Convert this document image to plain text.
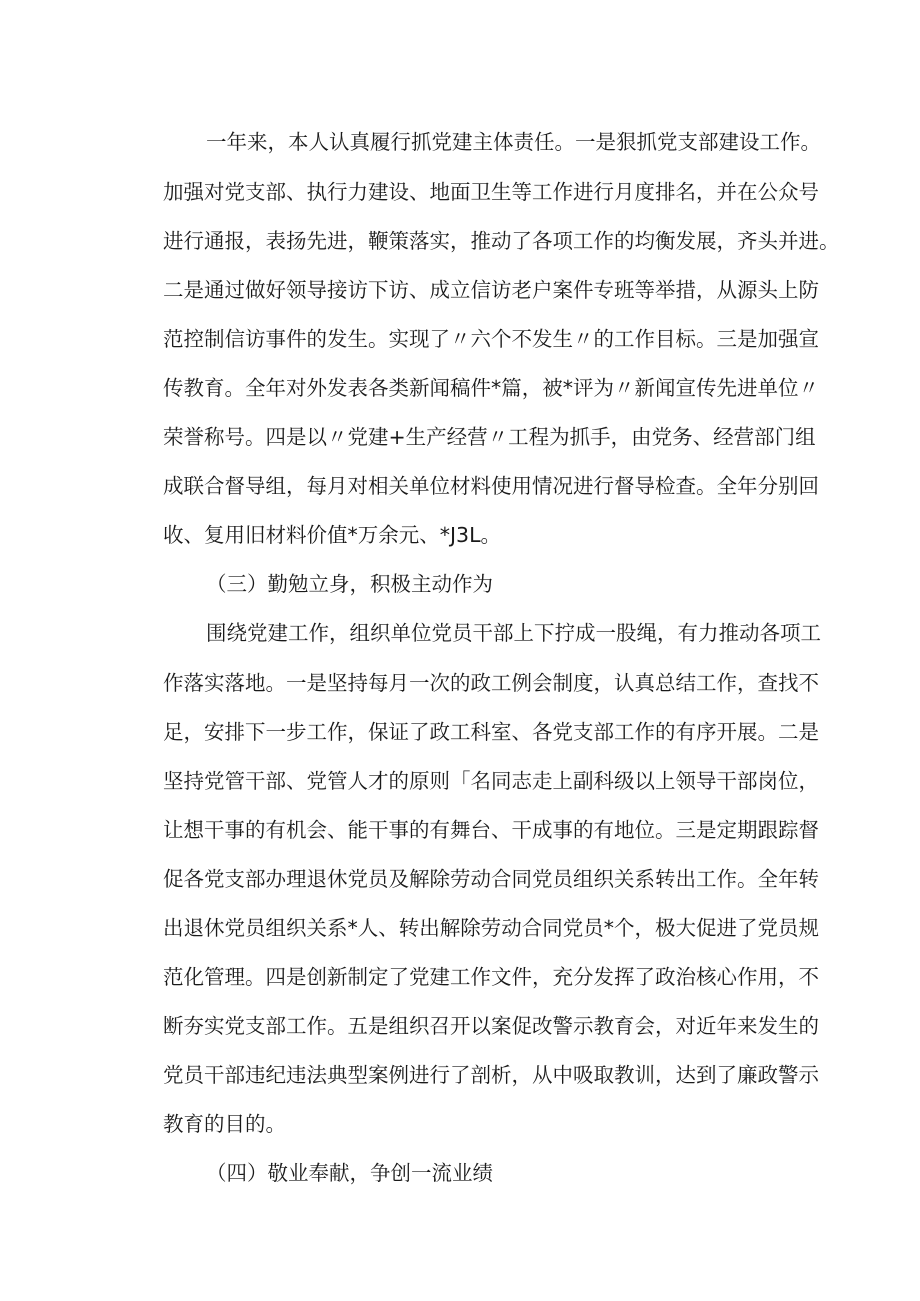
一年来，本人认真履行抓党建主体责任。一是狠抓党支部建设工作。
加强对党支部、执行力建设、地面卫生等工作进行月度排名，并在公众号
进行通报，表扬先进，鞭策落实，推动了各项工作的均衡发展，齐头并进。
二是通过做好领导接访下访、成立信访老户案件专班等举措，从源头上防
范控制信访事件的发生。实现了〃六个不发生〃的工作目标。三是加强宣
传教育。全年对外发表各类新闻稿件*篇，被*评为〃新闻宣传先进单位〃
荣誉称号。四是以〃党建+生产经营〃工程为抓手，由党务、经营部门组
成联合督导组，每月对相关单位材料使用情况进行督导检查。全年分别回
收、复用旧材料价值*万余元、*J3L。
（三）勤勉立身，积极主动作为
围绕党建工作，组织单位党员干部上下拧成一股绳，有力推动各项工
作落实落地。一是坚持每月一次的政工例会制度，认真总结工作，查找不
足，安排下一步工作，保证了政工科室、各党支部工作的有序开展。二是
坚持党管干部、党管人才的原则「名同志走上副科级以上领导干部岗位，
让想干事的有机会、能干事的有舞台、干成事的有地位。三是定期跟踪督
促各党支部办理退休党员及解除劳动合同党员组织关系转出工作。全年转
出退休党员组织关系*人、转出解除劳动合同党员*个，极大促进了党员规
范化管理。四是创新制定了党建工作文件，充分发挥了政治核心作用，不
断夯实党支部工作。五是组织召开以案促改警示教育会，对近年来发生的
党员干部违纪违法典型案例进行了剖析，从中吸取教训，达到了廉政警示
教育的目的。
（四）敬业奉献，争创一流业绩
